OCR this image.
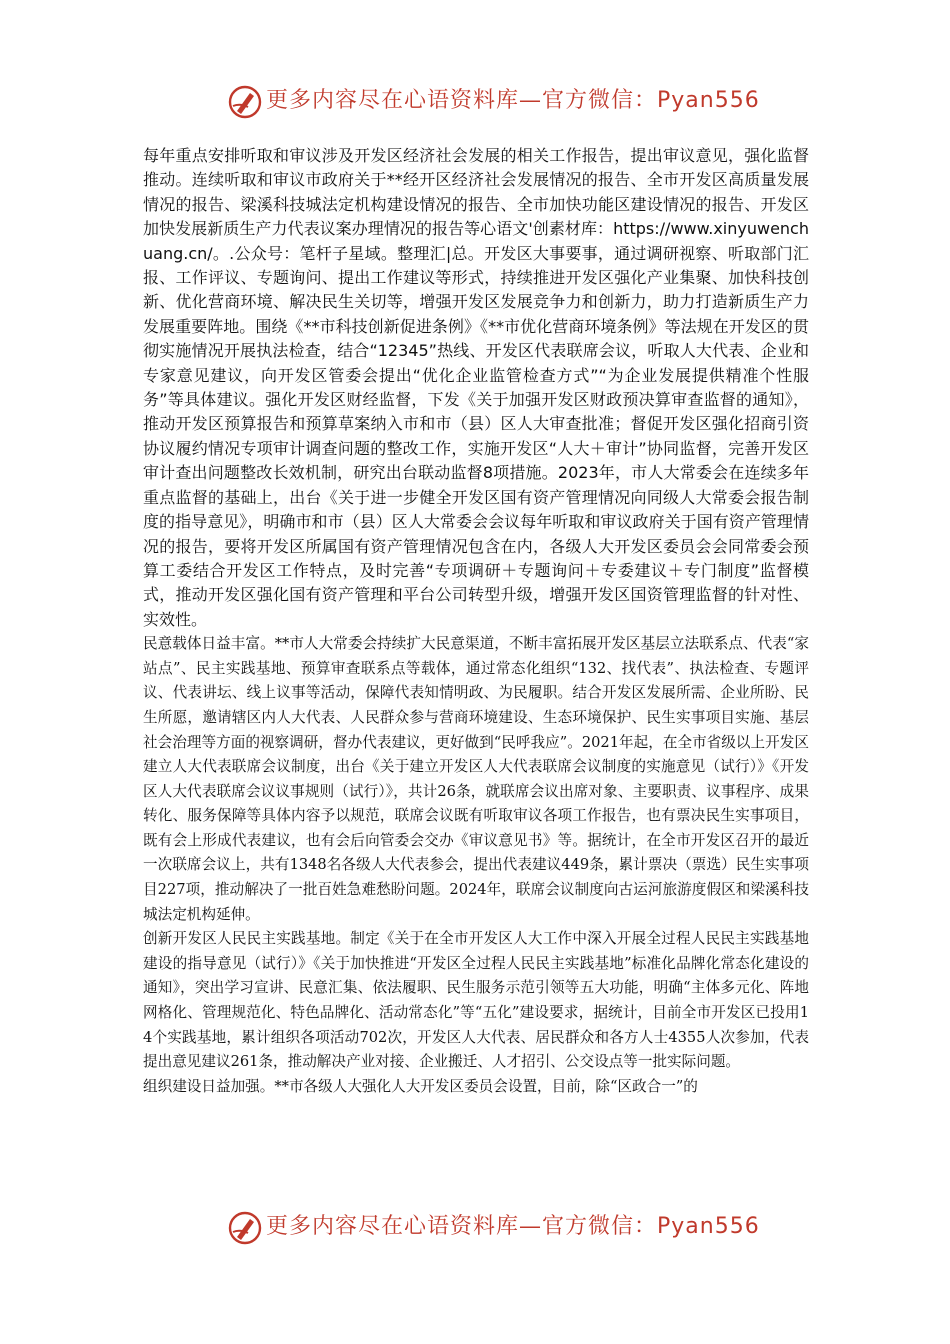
更多内容尽在心语资料库—官方微信：Pyan556

每年重点安排听取和审议涉及开发区经济社会发展的相关工作报告，提出审议意见，强化监督推动。连续听取和审议市政府关于**经开区经济社会发展情况的报告、全市开发区高质量发展情况的报告、梁溪科技城法定机构建设情况的报告、全市加快功能区建设情况的报告、开发区加快发展新质生产力代表议案办理情况的报告等心语文'创素材库：https://www.xinyuwenchuang.cn/。.公众号：笔杆子星域。整理汇|总。开发区大事要事，通过调研视察、听取部门汇报、工作评议、专题询问、提出工作建议等形式，持续推进开发区强化产业集聚、加快科技创新、优化营商环境、解决民生关切等，增强开发区发展竞争力和创新力，助力打造新质生产力发展重要阵地。围绕《**市科技创新促进条例》《**市优化营商环境条例》等法规在开发区的贯彻实施情况开展执法检查，结合“12345”热线、开发区代表联席会议，听取人大代表、企业和专家意见建议，向开发区管委会提出“优化企业监管检查方式”“为企业发展提供精准个性服务”等具体建议。强化开发区财经监督，下发《关于加强开发区财政预决算审查监督的通知》，推动开发区预算报告和预算草案纳入市和市（县）区人大审查批准；督促开发区强化招商引资协议履约情况专项审计调查问题的整改工作，实施开发区“人大＋审计”协同监督，完善开发区审计查出问题整改长效机制，研究出台联动监督8项措施。2023年，市人大常委会在连续多年重点监督的基础上，出台《关于进一步健全开发区国有资产管理情况向同级人大常委会报告制度的指导意见》，明确市和市（县）区人大常委会会议每年听取和审议政府关于国有资产管理情况的报告，要将开发区所属国有资产管理情况包含在内，各级人大开发区委员会会同常委会预算工委结合开发区工作特点，及时完善“专项调研＋专题询问＋专委建议＋专门制度”监督模式，推动开发区强化国有资产管理和平台公司转型升级，增强开发区国资管理监督的针对性、实效性。

民意载体日益丰富。**市人大常委会持续扩大民意渠道，不断丰富拓展开发区基层立法联系点、代表“家站点”、民主实践基地、预算审查联系点等载体，通过常态化组织“132、找代表”、执法检查、专题评议、代表讲坛、线上议事等活动，保障代表知情明政、为民履职。结合开发区发展所需、企业所盼、民生所愿，邀请辖区内人大代表、人民群众参与营商环境建设、生态环境保护、民生实事项目实施、基层社会治理等方面的视察调研，督办代表建议，更好做到“民呼我应”。2021年起，在全市省级以上开发区建立人大代表联席会议制度，出台《关于建立开发区人大代表联席会议制度的实施意见（试行）》《开发区人大代表联席会议议事规则（试行）》，共计26条，就联席会议出席对象、主要职责、议事程序、成果转化、服务保障等具体内容予以规范，联席会议既有听取审议各项工作报告，也有票决民生实事项目，既有会上形成代表建议，也有会后向管委会交办《审议意见书》等。据统计，在全市开发区召开的最近一次联席会议上，共有1348名各级人大代表参会，提出代表建议449条，累计票决（票选）民生实事项目227项，推动解决了一批百姓急难愁盼问题。2024年，联席会议制度向古运河旅游度假区和梁溪科技城法定机构延伸。

创新开发区人民民主实践基地。制定《关于在全市开发区人大工作中深入开展全过程人民民主实践基地建设的指导意见（试行）》《关于加快推进“开发区全过程人民民主实践基地”标准化品牌化常态化建设的通知》，突出学习宣讲、民意汇集、依法履职、民生服务示范引领等五大功能，明确“主体多元化、阵地网格化、管理规范化、特色品牌化、活动常态化”等“五化”建设要求，据统计，目前全市开发区已投用14个实践基地，累计组织各项活动702次，开发区人大代表、居民群众和各方人士4355人次参加，代表提出意见建议261条，推动解决产业对接、企业搬迁、人才招引、公交设点等一批实际问题。

组织建设日益加强。**市各级人大强化人大开发区委员会设置，目前，除“区政合一”的

更多内容尽在心语资料库—官方微信：Pyan556
